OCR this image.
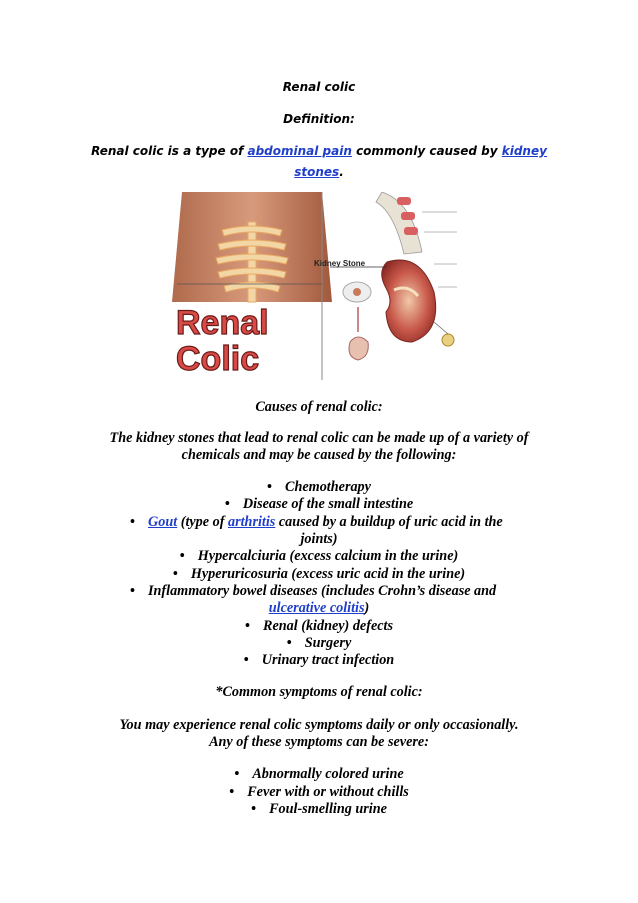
Renal colic
Definition:
Renal colic is a type of abdominal pain commonly caused by kidney
stones.
Kidney Stone
Renal
Colic
Causes of renal colic:
The kidney stones that lead to renal colic can be made up of a variety of
chemicals and may be caused by the following:
• Chemotherapy
• Disease of the small intestine
• Gout (type of arthritis caused by a buildup of uric acid in the
joints)
• Hypercalciuria (excess calcium in the urine)
• Hyperuricosuria (excess uric acid in the urine)
• Inflammatory bowel diseases (includes Crohn’s disease and
ulcerative colitis)
• Renal (kidney) defects
• Surgery
• Urinary tract infection
*Common symptoms of renal colic:
You may experience renal colic symptoms daily or only occasionally.
Any of these symptoms can be severe:
• Abnormally colored urine
• Fever with or without chills
• Foul-smelling urine
